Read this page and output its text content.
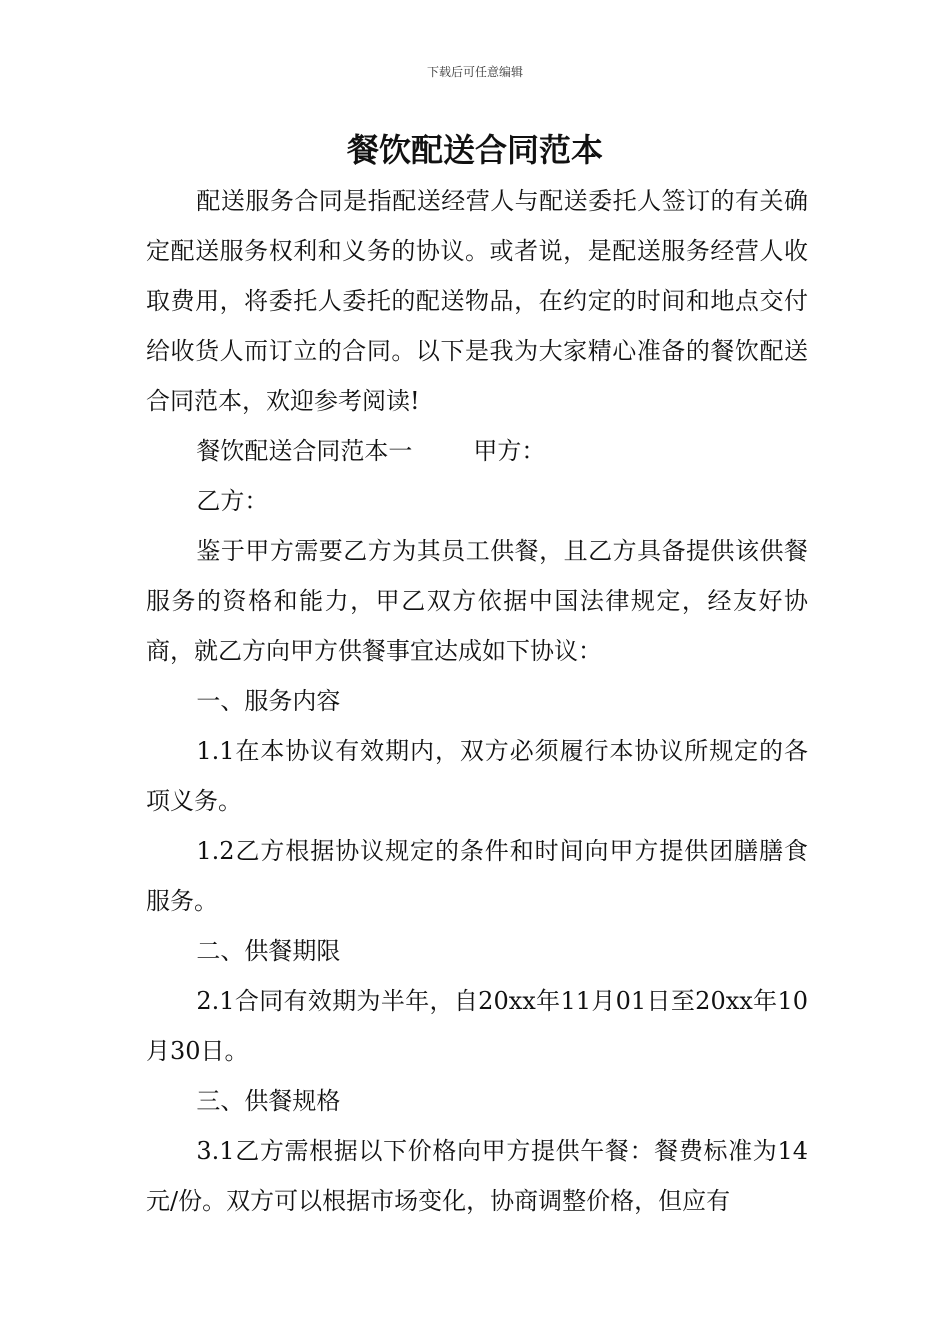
下载后可任意编辑
餐饮配送合同范本

配送服务合同是指配送经营人与配送委托人签订的有关确定配送服务权利和义务的协议。或者说，是配送服务经营人收取费用，将委托人委托的配送物品，在约定的时间和地点交付给收货人而订立的合同。以下是我为大家精心准备的餐饮配送合同范本，欢迎参考阅读!

餐饮配送合同范本一        甲方：

乙方：

鉴于甲方需要乙方为其员工供餐，且乙方具备提供该供餐服务的资格和能力，甲乙双方依据中国法律规定，经友好协商，就乙方向甲方供餐事宜达成如下协议：

一、服务内容

1.1在本协议有效期内，双方必须履行本协议所规定的各项义务。

1.2乙方根据协议规定的条件和时间向甲方提供团膳膳食服务。

二、供餐期限

2.1合同有效期为半年，自20xx年11月01日至20xx年10月30日。

三、供餐规格

3.1乙方需根据以下价格向甲方提供午餐：餐费标准为14元/份。双方可以根据市场变化，协商调整价格，但应有
